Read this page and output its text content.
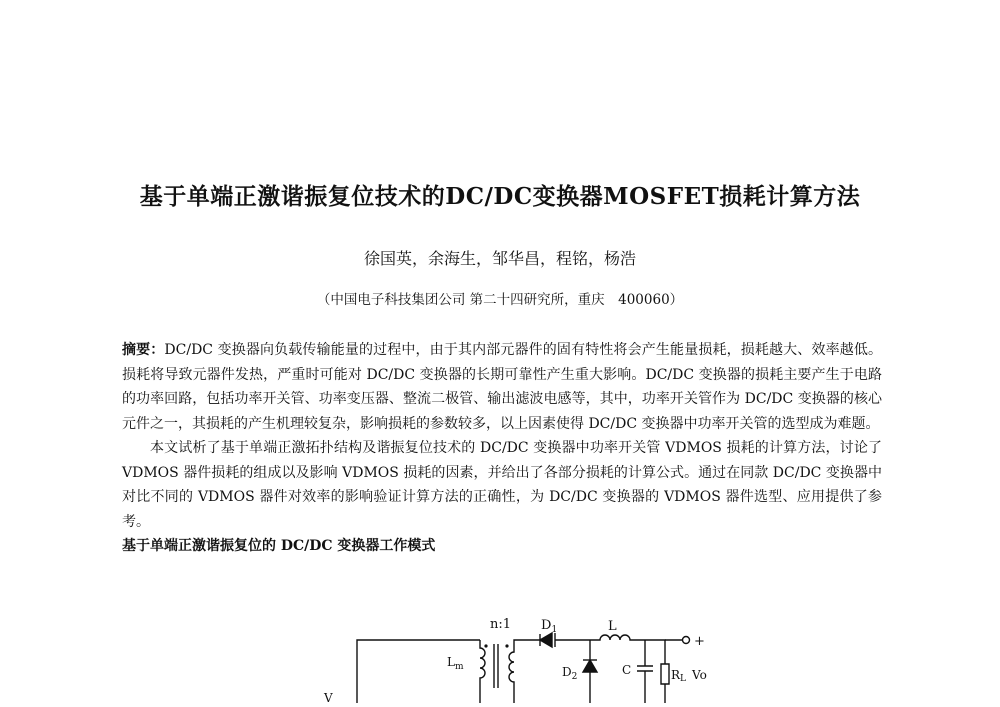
基于单端正激谐振复位技术的DC/DC变换器MOSFET损耗计算方法
徐国英，余海生，邹华昌，程铭，杨浩
（中国电子科技集团公司 第二十四研究所，重庆　400060）

摘要：DC/DC 变换器向负载传输能量的过程中，由于其内部元器件的固有特性将会产生能量损耗，损耗越大、效率越低。损耗将导致元器件发热，严重时可能对 DC/DC 变换器的长期可靠性产生重大影响。DC/DC 变换器的损耗主要产生于电路的功率回路，包括功率开关管、功率变压器、整流二极管、输出滤波电感等，其中，功率开关管作为 DC/DC 变换器的核心元件之一，其损耗的产生机理较复杂，影响损耗的参数较多，以上因素使得 DC/DC 变换器中功率开关管的选型成为难题。

本文试析了基于单端正激拓扑结构及谐振复位技术的 DC/DC 变换器中功率开关管 VDMOS 损耗的计算方法，讨论了 VDMOS 器件损耗的组成以及影响 VDMOS 损耗的因素，并给出了各部分损耗的计算公式。通过在同款 DC/DC 变换器中对比不同的 VDMOS 器件对效率的影响验证计算方法的正确性，为 DC/DC 变换器的 VDMOS 器件选型、应用提供了参考。

基于单端正激谐振复位的 DC/DC 变换器工作模式

n:1 $D_1$	L
$L_m$	$D_2$	C	RL Vo
+
V
